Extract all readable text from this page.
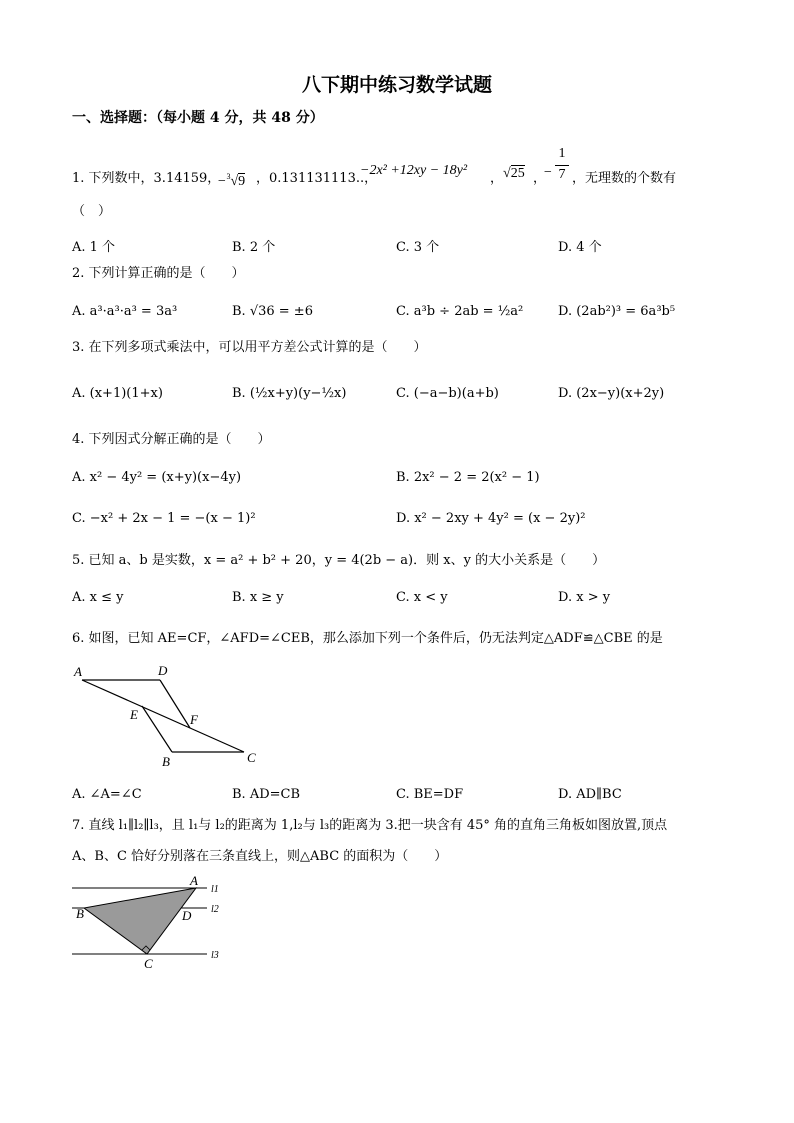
八下期中练习数学试题
一、选择题：（每小题 4 分，共 48 分）
1. 下列数中，3.14159，
−$^3$√9 ，0.131131113..，
−2x² +12xy − 18y²
， √25 ，
−
1
7 ，无理数的个数有
（　）
A. 1 个	B. 2 个	C. 3 个	D. 4 个
2. 下列计算正确的是（　　）
A. a³·a³·a³ = 3a³	B. √36 = ±6	C. a³b ÷ 2ab = ½a²	D. (2ab²)³ = 6a³b⁵
3. 在下列多项式乘法中，可以用平方差公式计算的是（　　）
A. (x+1)(1+x)	B. (½x+y)(y−½x)	C. (−a−b)(a+b)	D. (2x−y)(x+2y)
4. 下列因式分解正确的是（　　）
A. x² − 4y² = (x+y)(x−4y)	B. 2x² − 2 = 2(x² − 1)
C. −x² + 2x − 1 = −(x − 1)²	D. x² − 2xy + 4y² = (x − 2y)²
5. 已知 a、b 是实数，x = a² + b² + 20，y = 4(2b − a)．则 x、y 的大小关系是（　　）
A. x ≤ y	B. x ≥ y	C. x < y	D. x > y
6. 如图，已知 AE=CF，∠AFD=∠CEB，那么添加下列一个条件后，仍无法判定△ADF≌△CBE 的是
A	D
E	F
B	C
A. ∠A=∠C	B. AD=CB	C. BE=DF	D. AD∥BC
7. 直线 l₁∥l₂∥l₃，且 l₁与 l₂的距离为 1,l₂与 l₃的距离为 3.把一块含有 45° 角的直角三角板如图放置,顶点
A、B、C 恰好分别落在三条直线上，则△ABC 的面积为（　　）
A
B	D
C
l1
l2
l3
